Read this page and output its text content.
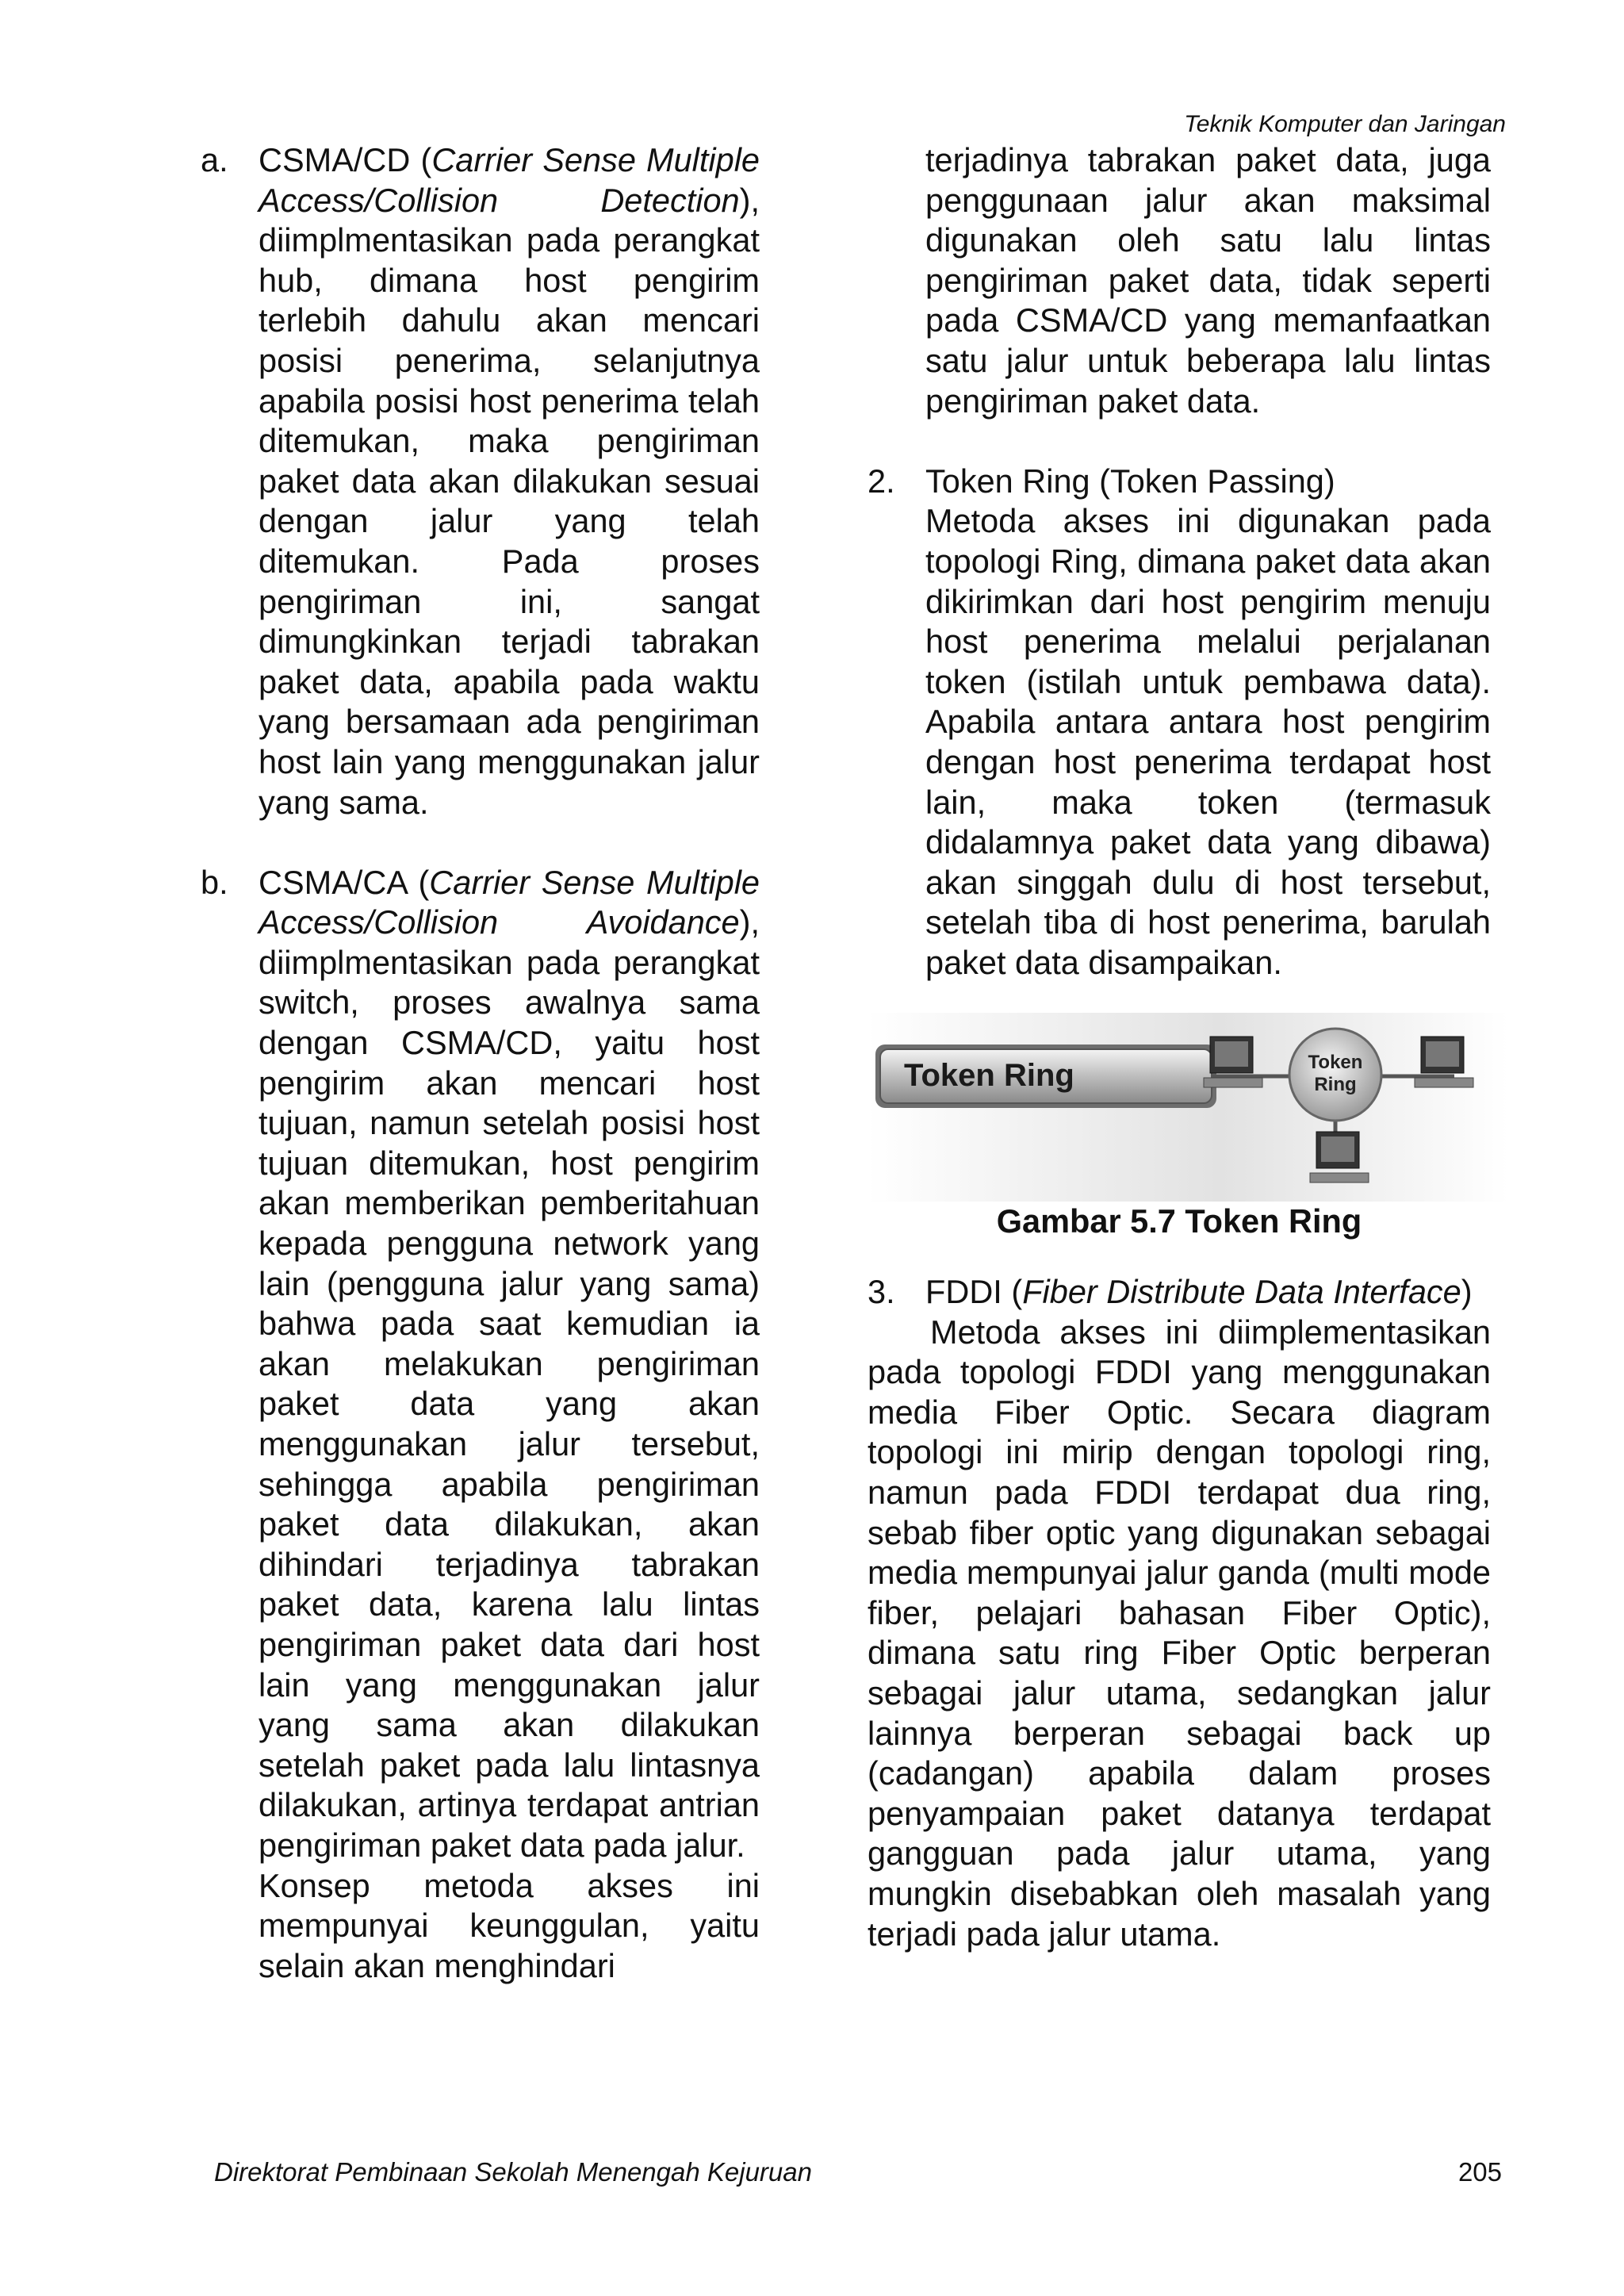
Teknik Komputer dan Jaringan
a. CSMA/CD (Carrier Sense Multiple Access/Collision Detection), diimplmentasikan pada perangkat hub, dimana host pengirim terlebih dahulu akan mencari posisi penerima, selanjutnya apabila posisi host penerima telah ditemukan, maka pengiriman paket data akan dilakukan sesuai dengan jalur yang telah ditemukan. Pada proses pengiriman ini, sangat dimungkinkan terjadi tabrakan paket data, apabila pada waktu yang bersamaan ada pengiriman host lain yang menggunakan jalur yang sama.
b. CSMA/CA (Carrier Sense Multiple Access/Collision Avoidance), diimplmentasikan pada perangkat switch, proses awalnya sama dengan CSMA/CD, yaitu host pengirim akan mencari host tujuan, namun setelah posisi host tujuan ditemukan, host pengirim akan memberikan pemberitahuan kepada pengguna network yang lain (pengguna jalur yang sama) bahwa pada saat kemudian ia akan melakukan pengiriman paket data yang akan menggunakan jalur tersebut, sehingga apabila pengiriman paket data dilakukan, akan dihindari terjadinya tabrakan paket data, karena lalu lintas pengiriman paket data dari host lain yang menggunakan jalur yang sama akan dilakukan setelah paket pada lalu lintasnya dilakukan, artinya terdapat antrian pengiriman paket data pada jalur.
Konsep metoda akses ini mempunyai keunggulan, yaitu selain akan menghindari
terjadinya tabrakan paket data, juga penggunaan jalur akan maksimal digunakan oleh satu lalu lintas pengiriman paket data, tidak seperti pada CSMA/CD yang memanfaatkan satu jalur untuk beberapa lalu lintas pengiriman paket data.
2. Token Ring (Token Passing)
Metoda akses ini digunakan pada topologi Ring, dimana paket data akan dikirimkan dari host pengirim menuju host penerima melalui perjalanan token (istilah untuk pembawa data). Apabila antara antara host pengirim dengan host penerima terdapat host lain, maka token (termasuk didalamnya paket data yang dibawa) akan singgah dulu di host tersebut, setelah tiba di host penerima, barulah paket data disampaikan.
Token Ring	Token
Ring
Gambar 5.7 Token Ring
3. FDDI (Fiber Distribute Data Interface)
Metoda akses ini diimplementasikan pada topologi FDDI yang menggunakan media Fiber Optic. Secara diagram topologi ini mirip dengan topologi ring, namun pada FDDI terdapat dua ring, sebab fiber optic yang digunakan sebagai media mempunyai jalur ganda (multi mode fiber, pelajari bahasan Fiber Optic), dimana satu ring Fiber Optic berperan sebagai jalur utama, sedangkan jalur lainnya berperan sebagai back up (cadangan) apabila dalam proses penyampaian paket datanya terdapat gangguan pada jalur utama, yang mungkin disebabkan oleh masalah yang terjadi pada jalur utama.
Direktorat Pembinaan Sekolah Menengah Kejuruan	205
